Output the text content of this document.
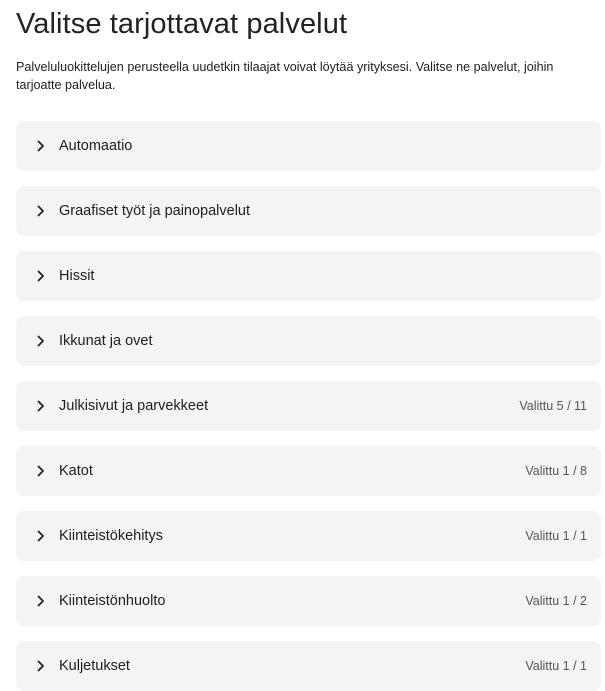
Valitse tarjottavat palvelut

Palveluluokittelujen perusteella uudetkin tilaajat voivat löytää yrityksesi. Valitse ne palvelut, joihin tarjoatte palvelua.

Automaatio
Graafiset työt ja painopalvelut
Hissit
Ikkunat ja ovet
Julkisivut ja parvekkeet	Valittu 5 / 11
Katot	Valittu 1 / 8
Kiinteistökehitys	Valittu 1 / 1
Kiinteistönhuolto	Valittu 1 / 2
Kuljetukset	Valittu 1 / 1
